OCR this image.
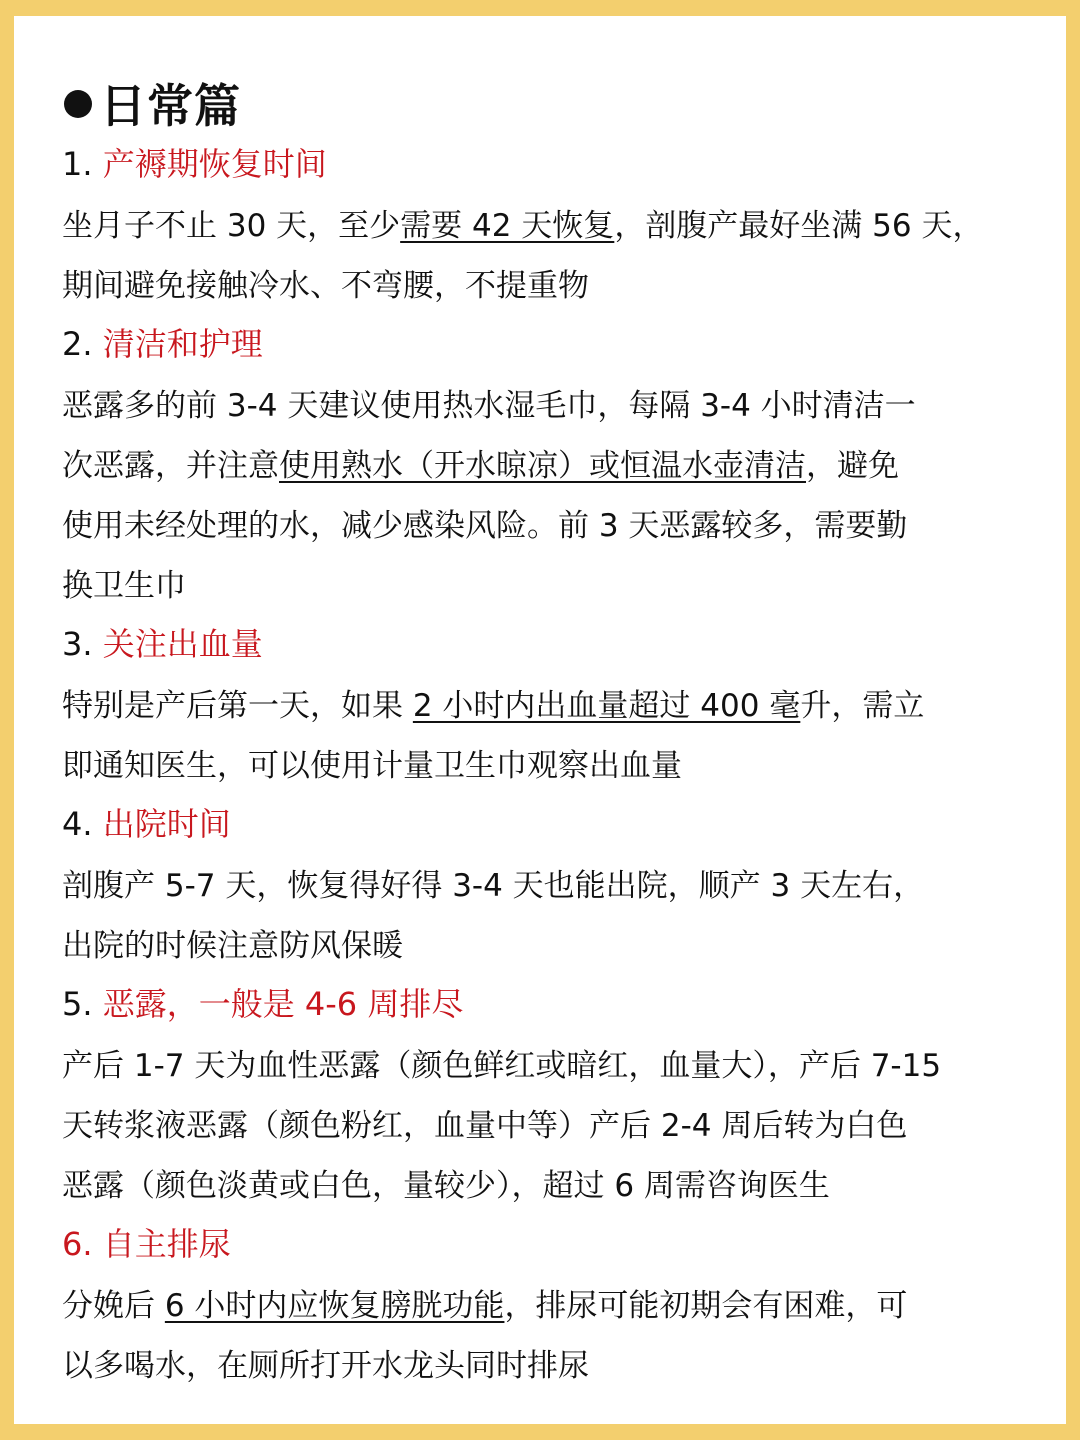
日常篇
1. 产褥期恢复时间
坐月子不止 30 天，至少需要 42 天恢复，剖腹产最好坐满 56 天，
期间避免接触冷水、不弯腰，不提重物
2. 清洁和护理
恶露多的前 3-4 天建议使用热水湿毛巾，每隔 3-4 小时清洁一
次恶露，并注意使用熟水（开水晾凉）或恒温水壶清洁，避免
使用未经处理的水，减少感染风险。前 3 天恶露较多，需要勤
换卫生巾
3. 关注出血量
特别是产后第一天，如果 2 小时内出血量超过 400 毫升，需立
即通知医生，可以使用计量卫生巾观察出血量
4. 出院时间
剖腹产 5-7 天，恢复得好得 3-4 天也能出院，顺产 3 天左右，
出院的时候注意防风保暖
5. 恶露，一般是 4-6 周排尽
产后 1-7 天为血性恶露（颜色鲜红或暗红，血量大），产后 7-15
天转浆液恶露（颜色粉红，血量中等）产后 2-4 周后转为白色
恶露（颜色淡黄或白色，量较少），超过 6 周需咨询医生
6. 自主排尿
分娩后 6 小时内应恢复膀胱功能，排尿可能初期会有困难，可
以多喝水，在厕所打开水龙头同时排尿
